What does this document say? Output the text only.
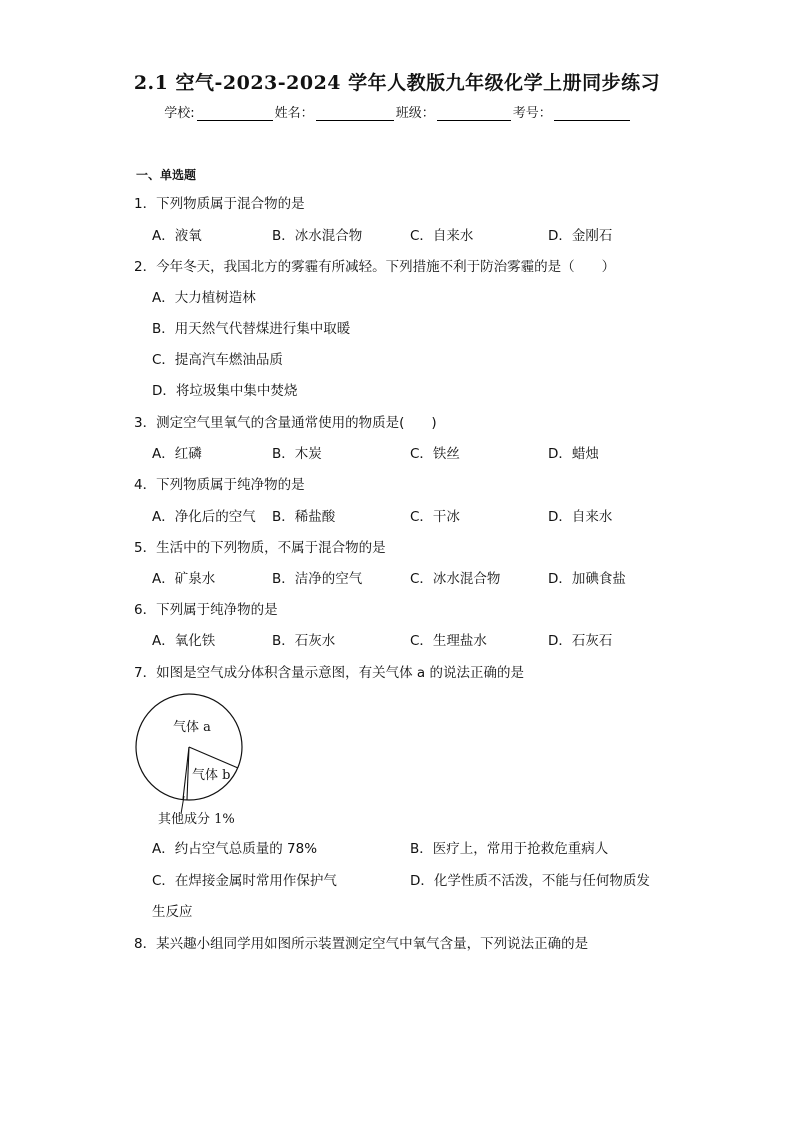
2.1 空气-2023-2024 学年人教版九年级化学上册同步练习
学校:	姓名：	班级：	考号：
一、单选题
1．下列物质属于混合物的是
A．液氧	B．冰水混合物	C．自来水	D．金刚石
2．今年冬天，我国北方的雾霾有所减轻。下列措施不利于防治雾霾的是（　　）
A．大力植树造林
B．用天然气代替煤进行集中取暖
C．提高汽车燃油品质
D．将垃圾集中集中焚烧
3．测定空气里氧气的含量通常使用的物质是(　　)
A．红磷	B．木炭	C．铁丝	D．蜡烛
4．下列物质属于纯净物的是
A．净化后的空气 B．稀盐酸	C．干冰	D．自来水
5．生活中的下列物质，不属于混合物的是
A．矿泉水	B．洁净的空气	C．冰水混合物	D．加碘食盐
6．下列属于纯净物的是
A．氧化铁	B．石灰水	C．生理盐水	D．石灰石
7．如图是空气成分体积含量示意图，有关气体 a 的说法正确的是
气体 a
气体 b
其他成分 1%
A．约占空气总质量的 78%	B．医疗上，常用于抢救危重病人
C．在焊接金属时常用作保护气	D．化学性质不活泼，不能与任何物质发
生反应
8．某兴趣小组同学用如图所示装置测定空气中氧气含量，下列说法正确的是
